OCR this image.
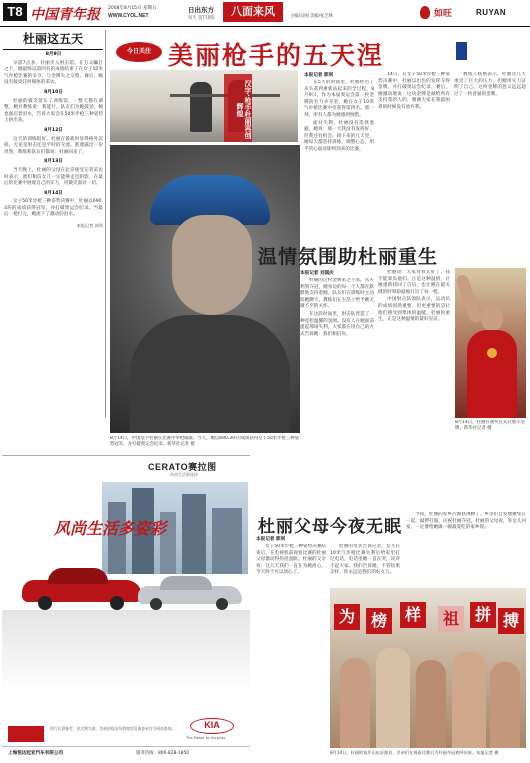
T8 中国青年报 2008年8月15日 星期五
WWW.CYOL.NET
日出东方
每天 第T10版
八面来风	主编/吴刚 美编/张艺林	如旺	RUYAN
杜丽这五天
8月9日

早晨7点多，杜丽步入射击馆。在万众瞩目之下，她最终以第四名的成绩结束了在女子10米气步枪比赛的争夺，与金牌失之交臂。赛后，她没有接受任何媒体的采访。

8月10日

杜丽的微笑留在了训练馆，一整天都在调整。她对教练说：我能行。队友们为她鼓劲，她也强忍着泪水，告诉大家会在50米步枪三种姿势上拼出来。

8月12日

这天的训练很好。杜丽在备战时显得格外沉稳，无论是射击还是平时的交流，都透露出一份坦然，教练和队友们都说：杜丽回来了。

8月13日

当天晚上，杜丽的父母在北京接受记者采访时表示，他们相信女儿一定能够走出阴影，在最后的比赛中展现自己的实力，用微笑面对一切。

8月14日

女子50米步枪三种姿势决赛中，杜丽以690.3环的成绩获得冠军，并打破奥运会纪录。当最后一枪打完，她流下了激动的泪水。

本报记者 郭剑
今日关注 美丽枪手的五天涅
汉字·枪手杜丽再创辉煌
8月14日，中国选手杜丽在比赛中举枪瞄准。当天，她以690.3环的成绩获得女子50米步枪三种姿势冠军，并打破奥运会纪录。新华社记者 摄
本报记者 郭剑

在5天的时间里，杜丽经历了从失落到重新站起来的全过程。8月9日，作为本届奥运会第一枚金牌的有力争夺者，她在女子10米气步枪比赛中仅获得第四名。那一刻，所有人都为她感到惋惜。

面对失利，杜丽没有选择逃避。她说：那一天我没有发挥好，但我还有机会。接下来的几天里，她每天都坚持训练，调整心态，用平常心面对即将到来的比赛。

14日，在女子50米步枪三种姿势决赛中，杜丽以出色的发挥夺得金牌，并打破奥运会纪录。赛后，她激动地说：这块金牌是献给所有支持我的人的，谢谢大家在我最困难的时候没有放弃我。

教练王跃舫表示，杜丽这几天承受了巨大的压力，但她用实力证明了自己。这枚金牌的意义远远超过了一枚普通的金牌。

温情氛围助杜丽重生
本报记者 刘国庆

杜丽的这枚金牌来之不易。从失利到夺冠，她身边的每一个人都在默默地支持着她。队友们在训练时主动陪她聊天，教练们在生活上给予她无微不至的关怀。

在这段时间里，射击队营造了一种宽松温馨的氛围。没有人在她面前提起那场失利，大家都在用自己的方式告诉她：我们相信你。

杜丽说：大家对我太好了，我不能辜负他们。正是这种温情，让她重新找回了自信，也让她在最关键的时刻稳稳地打出了每一枪。

中国射击队领队表示，运动员的成绩固然重要，但更重要的是让他们感受到集体的温暖。杜丽的重生，正是这种温情的最好见证。

8月14日，杜丽在颁奖仪式后展示金牌。新华社记者 摄
CERATO赛拉图
风尚生活新选择
风尚生活多姿彩
图片仅供参考，以实物为准。咨询热线及经销商信息请登录官方网站查询。	KIA
The Power to Surprise
上海悦达起亚汽车有限公司	服务热线：800-828-1850
杜丽父母今夜无眠
本报记者 郭剑

女子50米步枪三种姿势决赛结束后，在电视机前观看比赛的杜丽父母激动得热泪盈眶。杜丽的父亲说：这几天我们一直在为她担心，今天终于可以放心了。

杜丽的母亲告诉记者，女儿在10米气步枪比赛失利后给家里打过电话，电话里她一直在哭，说对不起大家。我们告诉她，不管结果怎样，你永远是我们的好女儿。

今夜，杜丽的家乡沂源县沸腾了。乡亲们自发地聚集在一起，敲锣打鼓，庆祝杜丽夺冠。杜丽的父母说，等女儿回家，一定要给她做一顿最爱吃的家乡饭。

为 榜	样	祖 拼 搏
8月14日，杜丽的家乡山东沂源县，乡亲们在观看比赛后为杜丽夺冠欢呼庆祝。本报记者 摄
